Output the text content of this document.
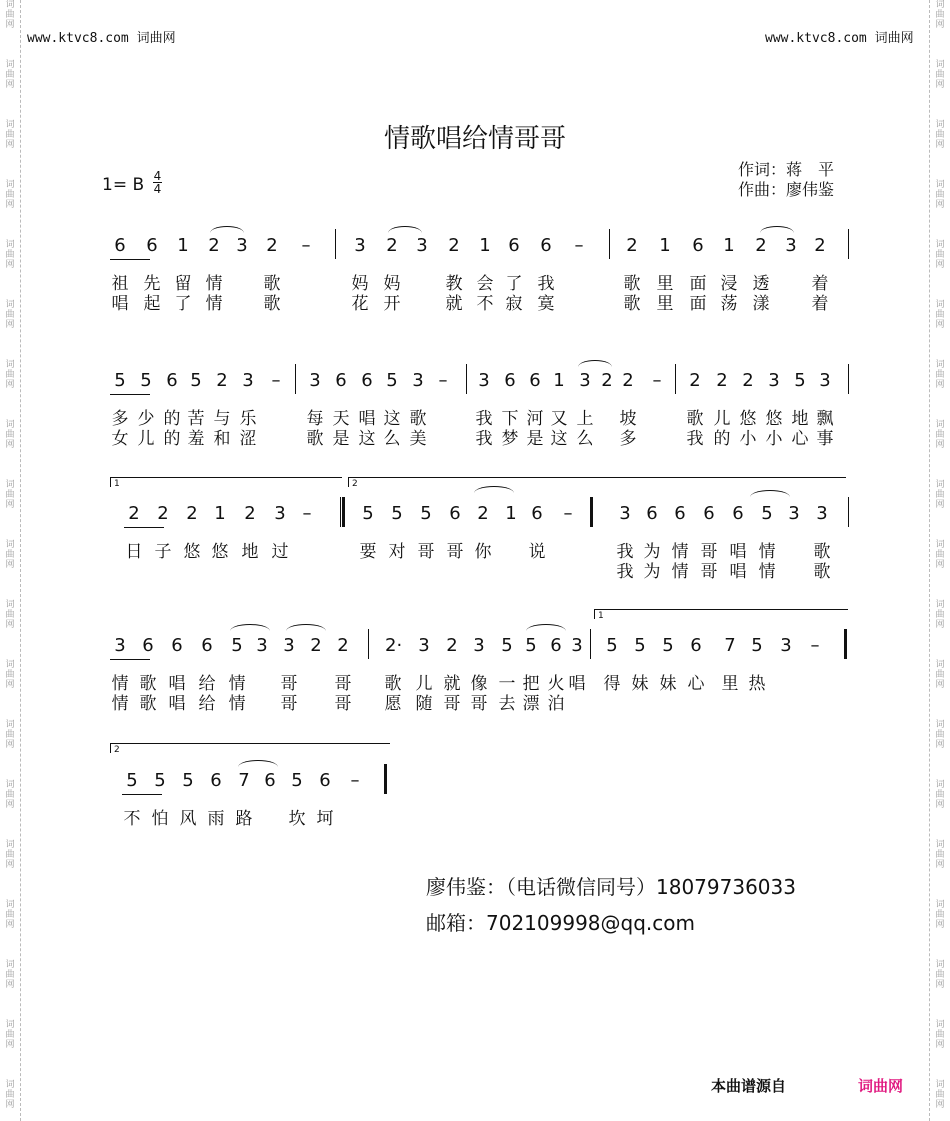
词
曲
网
词
曲
网
词
曲
网
词
曲
网
词
曲
网
词
曲
网
词
曲
网
词
曲
网
词
曲
网
词
曲
网
词
曲
网
词
曲
网
词
曲
网
词
曲
网
词
曲
网
词
曲
网
词
曲
网
词
曲
网
词
曲
网
词
曲
网
词
曲
网
词
曲
网
词
曲
网
词
曲
网
词
曲
网
词
曲
网
词
曲
网
词
曲
网
词
曲
网
词
曲
网
词
曲
网
词
曲
网
词
曲
网
词
曲
网
词
曲
网
词
曲
网
词
曲
网
词
曲
网
www.ktvc8.com 词曲网	www.ktvc8.com 词曲网
情歌唱给情哥哥
作词：蒋　平
作曲：廖伟鉴
1= B 4
4
6 6 1 2 3 2 – 3 2 3 2 1 6 6 – 2 1 6 1 2 3 2
祖 先 留 情 歌	妈 妈	教 会 了 我	歌 里 面 浸 透 着
唱 起 了 情 歌	花 开	就 不 寂 寞	歌 里 面 荡 漾 着
5 5 6 5 2 3 – 3 6 6 5 3 – 3 6 6 1 3 2 2 – 2 2 2 3 5 3
多 少 的 苦 与 乐	每 天 唱 这 歌	我 下 河 又 上 坡	歌 儿 悠 悠 地 飘
女 儿 的 羞 和 涩	歌 是 这 么 美	我 梦 是 这 么 多	我 的 小 小 心 事
2 2 2 1 2 3 –	5 5 5 6 2 1 6 –	3 6 6 6 6 5 3 3
日 子 悠 悠 地 过	要 对 哥 哥 你 说	我 为 情 哥 唱 情 歌
我 为 情 哥 唱 情 歌
3 6 6 6 5 3 3 2 2 2· 3 2 3 5 5 6 3 5 5 5 6 7 5 3 –
情 歌 唱 给 情 哥 哥 歌 儿 就 像 一 把 火 唱 得 妹 妹 心 里 热
情 歌 唱 给 情 哥 哥 愿 随 哥 哥 去 漂 泊
5 5 5 6 7 6 5 6 –
不 怕 风 雨 路 坎 坷
1	2
1
2
廖伟鉴：（电话微信同号）18079736033
邮箱：702109998@qq.com
本曲谱源自	词曲网
